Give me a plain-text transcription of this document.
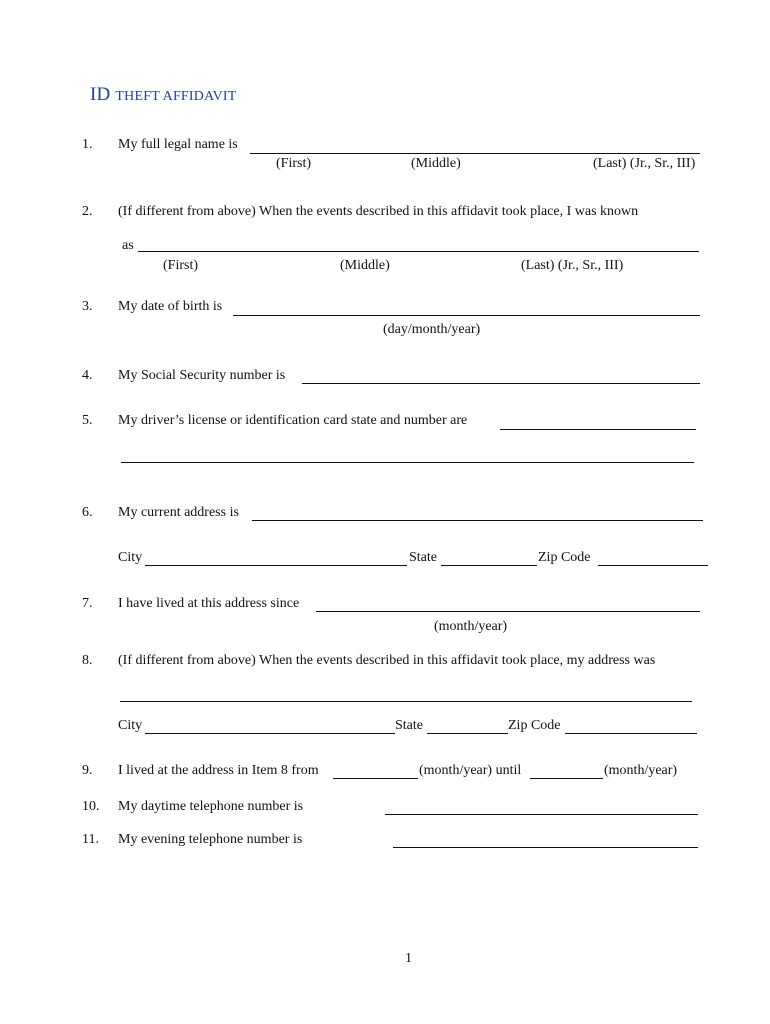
ID THEFT AFFIDAVIT
1. My full legal name is
(First)	(Middle)	(Last) (Jr., Sr., III)
2. (If different from above) When the events described in this affidavit took place, I was known
as
(First)	(Middle)	(Last) (Jr., Sr., III)
3. My date of birth is
(day/month/year)
4. My Social Security number is
5. My driver’s license or identification card state and number are
6. My current address is
City	State	Zip Code
7. I have lived at this address since
(month/year)
8. (If different from above) When the events described in this affidavit took place, my address was
City	State	Zip Code
9. I lived at the address in Item 8 from	(month/year) until	(month/year)
10. My daytime telephone number is
11. My evening telephone number is
1
